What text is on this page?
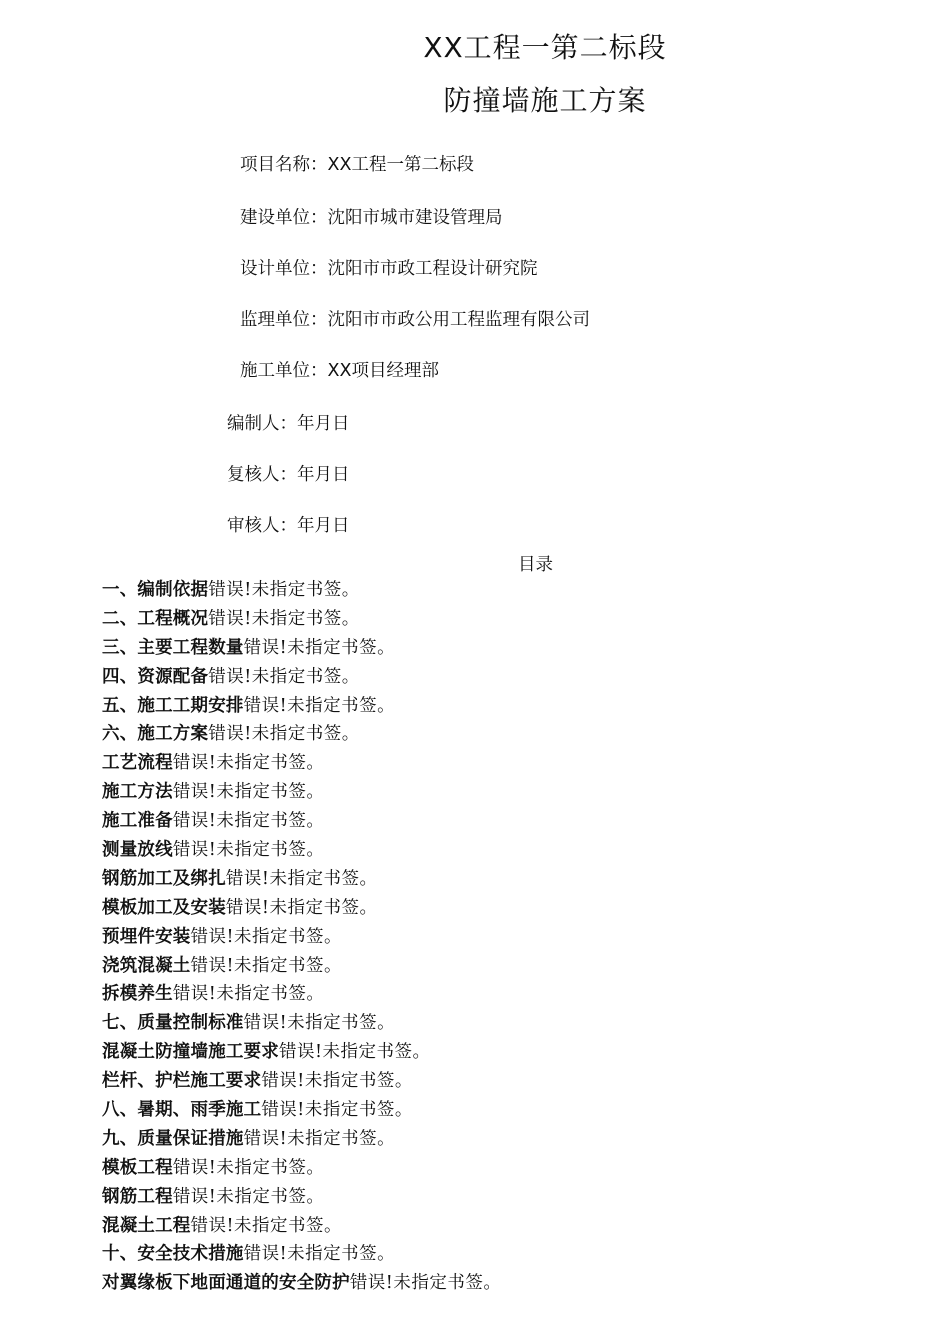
XX工程一第二标段
防撞墙施工方案
项目名称：XX工程一第二标段
建设单位：沈阳市城市建设管理局
设计单位：沈阳市市政工程设计研究院
监理单位：沈阳市市政公用工程监理有限公司
施工单位：XX项目经理部
编制人：年月日
复核人：年月日
审核人：年月日
目录
一、编制依据错误!未指定书签。
二、工程概况错误!未指定书签。
三、主要工程数量错误!未指定书签。
四、资源配备错误!未指定书签。
五、施工工期安排错误!未指定书签。
六、施工方案错误!未指定书签。
工艺流程错误!未指定书签。
施工方法错误!未指定书签。
施工准备错误!未指定书签。
测量放线错误!未指定书签。
钢筋加工及绑扎错误!未指定书签。
模板加工及安装错误!未指定书签。
预埋件安装错误!未指定书签。
浇筑混凝土错误!未指定书签。
拆模养生错误!未指定书签。
七、质量控制标准错误!未指定书签。
混凝土防撞墙施工要求错误!未指定书签。
栏杆、护栏施工要求错误!未指定书签。
八、暑期、雨季施工错误!未指定书签。
九、质量保证措施错误!未指定书签。
模板工程错误!未指定书签。
钢筋工程错误!未指定书签。
混凝土工程错误!未指定书签。
十、安全技术措施错误!未指定书签。
对翼缘板下地面通道的安全防护错误!未指定书签。
